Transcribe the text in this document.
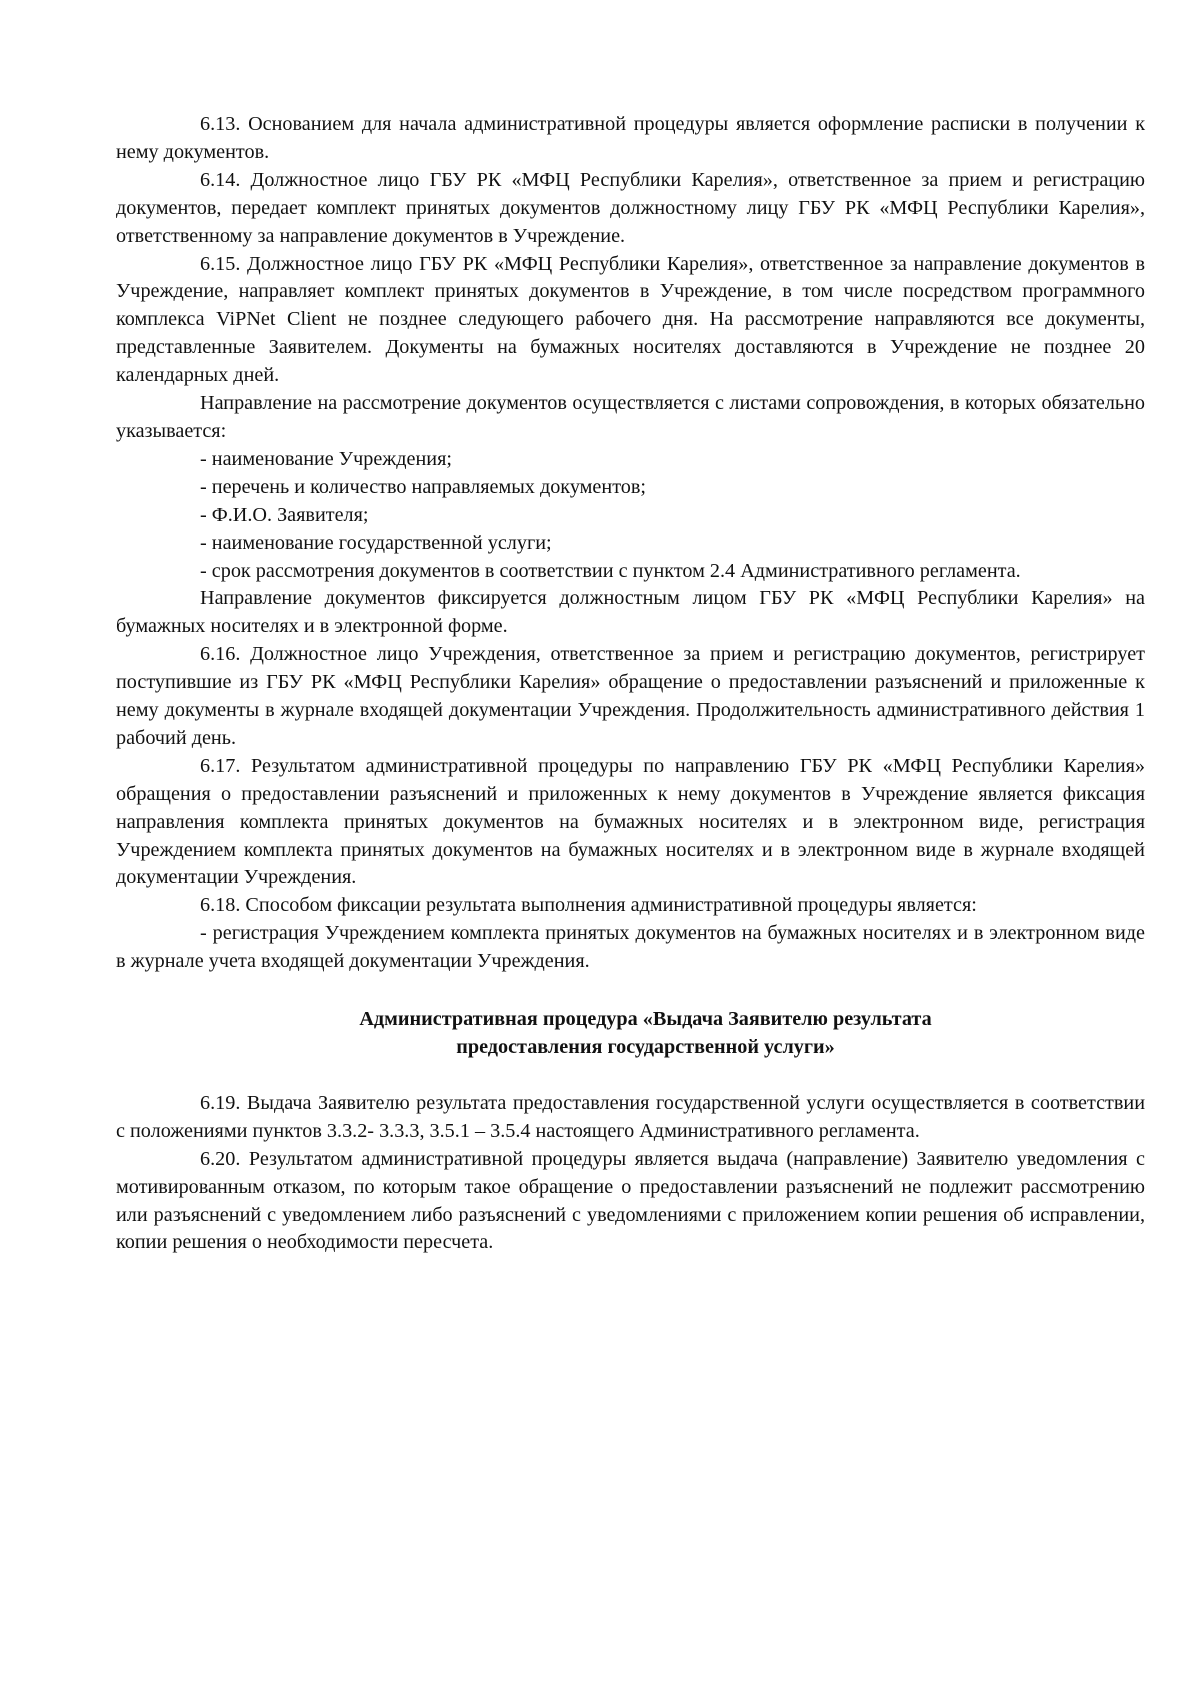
6.13. Основанием для начала административной процедуры является оформление расписки в получении к нему документов.

6.14. Должностное лицо ГБУ РК «МФЦ Республики Карелия», ответственное за прием и регистрацию документов, передает комплект принятых документов должностному лицу ГБУ РК «МФЦ Республики Карелия», ответственному за направление документов в Учреждение.

6.15. Должностное лицо ГБУ РК «МФЦ Республики Карелия», ответственное за направление документов в Учреждение, направляет комплект принятых документов в Учреждение, в том числе посредством программного комплекса ViPNet Client не позднее следующего рабочего дня. На рассмотрение направляются все документы, представленные Заявителем. Документы на бумажных носителях доставляются в Учреждение не позднее 20 календарных дней.

Направление на рассмотрение документов осуществляется с листами сопровождения, в которых обязательно указывается:

- наименование Учреждения;

- перечень и количество направляемых документов;

- Ф.И.О. Заявителя;

- наименование государственной услуги;

- срок рассмотрения документов в соответствии с пунктом 2.4 Административного регламента.

Направление документов фиксируется должностным лицом ГБУ РК «МФЦ Республики Карелия» на бумажных носителях и в электронной форме.

6.16. Должностное лицо Учреждения, ответственное за прием и регистрацию документов, регистрирует поступившие из ГБУ РК «МФЦ Республики Карелия» обращение о предоставлении разъяснений и приложенные к нему документы в журнале входящей документации Учреждения. Продолжительность административного действия 1 рабочий день.

6.17. Результатом административной процедуры по направлению ГБУ РК «МФЦ Республики Карелия» обращения о предоставлении разъяснений и приложенных к нему документов в Учреждение является фиксация направления комплекта принятых документов на бумажных носителях и в электронном виде, регистрация Учреждением комплекта принятых документов на бумажных носителях и в электронном виде в журнале входящей документации Учреждения.

6.18. Способом фиксации результата выполнения административной процедуры является:

- регистрация Учреждением комплекта принятых документов на бумажных носителях и в электронном виде в журнале учета входящей документации Учреждения.

Административная процедура «Выдача Заявителю результата
предоставления государственной услуги»

6.19. Выдача Заявителю результата предоставления государственной услуги осуществляется в соответствии с положениями пунктов 3.3.2- 3.3.3, 3.5.1 – 3.5.4 настоящего Административного регламента.

6.20. Результатом административной процедуры является выдача (направление) Заявителю уведомления с мотивированным отказом, по которым такое обращение о предоставлении разъяснений не подлежит рассмотрению или разъяснений с уведомлением либо разъяснений с уведомлениями с приложением копии решения об исправлении, копии решения о необходимости пересчета.
